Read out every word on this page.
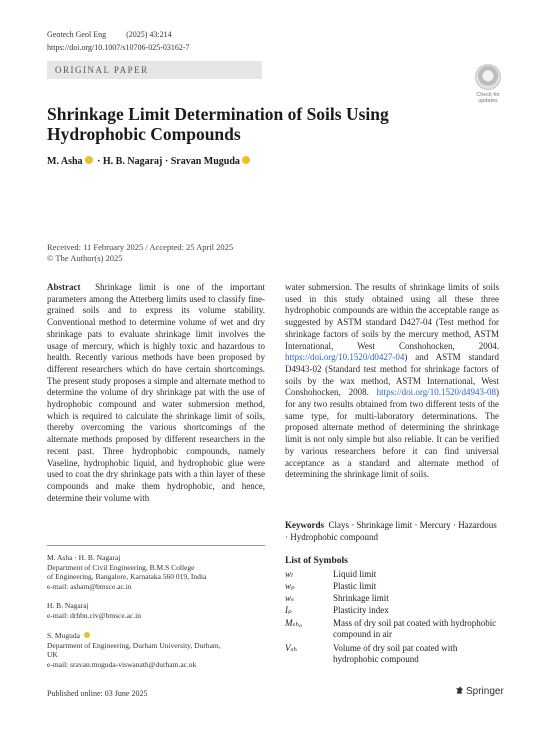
Geotech Geol Eng          (2025) 43:214
https://doi.org/10.1007/s10706-025-03162-7
ORIGINAL PAPER
Check for
updates
Shrinkage Limit Determination of Soils Using Hydrophobic Compounds
M. Asha · H. B. Nagaraj · Sravan Muguda
Received: 11 February 2025 / Accepted: 25 April 2025
© The Author(s) 2025
Abstract Shrinkage limit is one of the important parameters among the Atterberg limits used to classify fine-grained soils and to express its volume stability. Conventional method to determine volume of wet and dry shrinkage pats to evaluate shrinkage limit involves the usage of mercury, which is highly toxic and hazardous to health. Recently various methods have been proposed by different researchers which do have certain shortcomings. The present study proposes a simple and alternate method to determine the volume of dry shrinkage pat with the use of hydrophobic compound and water submersion method, which is required to calculate the shrinkage limit of soils, thereby overcoming the various shortcomings of the alternate methods proposed by different researchers in the recent past. Three hydrophobic compounds, namely Vaseline, hydrophobic liquid, and hydrophobic glue were used to coat the dry shrinkage pats with a thin layer of these compounds and make them hydrophobic, and hence, determine their volume with
water submersion. The results of shrinkage limits of soils used in this study obtained using all these three hydrophobic compounds are within the acceptable range as suggested by ASTM standard D427-04 (Test method for shrinkage factors of soils by the mercury method, ASTM International, West Conshohocken, 2004. https://doi.org/10.1520/d0427-04) and ASTM standard D4943-02 (Standard test method for shrinkage factors of soils by the wax method, ASTM International, West Conshohocken, 2008. https://doi.org/10.1520/d4943-08) for any two results obtained from two different tests of the same type, for multi-laboratory determinations. The proposed alternate method of determining the shrinkage limit is not only simple but also reliable. It can be verified by various researchers before it can find universal acceptance as a standard and alternate method of determining the shrinkage limit of soils.
Keywords Clays · Shrinkage limit · Mercury · Hazardous · Hydrophobic compound
M. Asha · H. B. Nagaraj
Department of Civil Engineering, B.M.S College
of Engineering, Bangalore, Karnataka 560 019, India
e-mail: asham@bmsce.ac.in
H. B. Nagaraj
e-mail: drhbn.civ@bmsce.ac.in
S. Muguda
Department of Engineering, Durham University, Durham,
UK
e-mail: sravan.muguda-viswanath@durham.ac.uk
List of Symbols
wₗ	Liquid limit
wₚ	Plastic limit
wₛ	Shrinkage limit
Iₚ	Plasticity index
Mₛₕₐ	Mass of dry soil pat coated with hydrophobic compound in air
Vₛₕ	Volume of dry soil pat coated with hydrophobic compound
Published online: 03 June 2025	Springer
